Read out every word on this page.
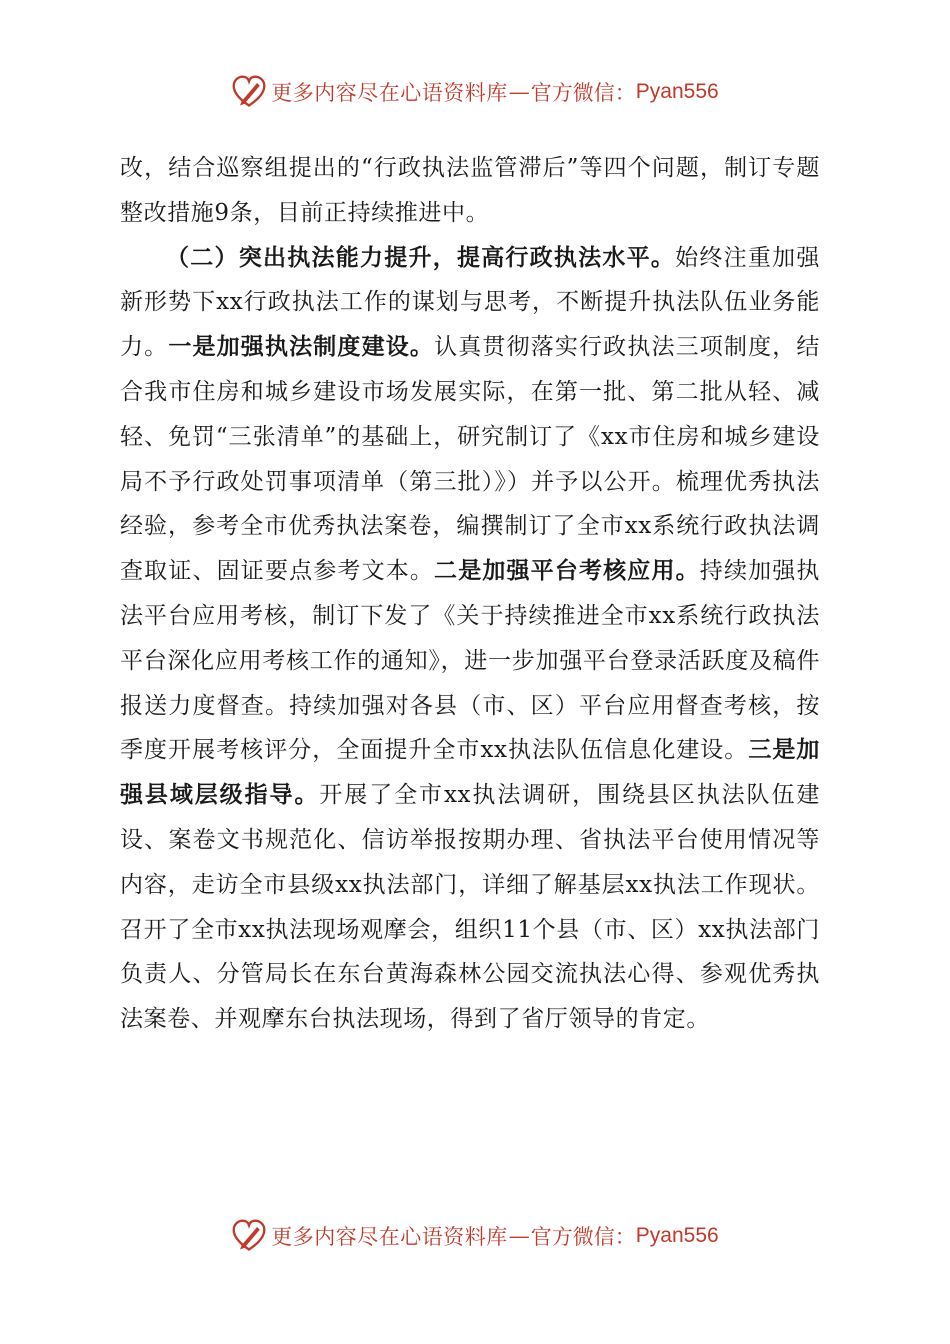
更多内容尽在心语资料库 — 官方微信： Pyan556

改，结合巡察组提出的“行政执法监管滞后”等四个问题，制订专题整改措施9条，目前正持续推进中。

（二）突出执法能力提升，提高行政执法水平。始终注重加强新形势下xx行政执法工作的谋划与思考，不断提升执法队伍业务能力。一是加强执法制度建设。认真贯彻落实行政执法三项制度，结合我市住房和城乡建设市场发展实际，在第一批、第二批从轻、减轻、免罚“三张清单”的基础上，研究制订了《xx市住房和城乡建设局不予行政处罚事项清单（第三批）》）并予以公开。梳理优秀执法经验，参考全市优秀执法案卷，编撰制订了全市xx系统行政执法调查取证、固证要点参考文本。二是加强平台考核应用。持续加强执法平台应用考核，制订下发了《关于持续推进全市xx系统行政执法平台深化应用考核工作的通知》，进一步加强平台登录活跃度及稿件报送力度督查。持续加强对各县（市、区）平台应用督查考核，按季度开展考核评分，全面提升全市xx执法队伍信息化建设。三是加强县域层级指导。开展了全市xx执法调研，围绕县区执法队伍建设、案卷文书规范化、信访举报按期办理、省执法平台使用情况等内容，走访全市县级xx执法部门，详细了解基层xx执法工作现状。召开了全市xx执法现场观摩会，组织11个县（市、区）xx执法部门负责人、分管局长在东台黄海森林公园交流执法心得、参观优秀执法案卷、并观摩东台执法现场，得到了省厅领导的肯定。

更多内容尽在心语资料库 — 官方微信： Pyan556
